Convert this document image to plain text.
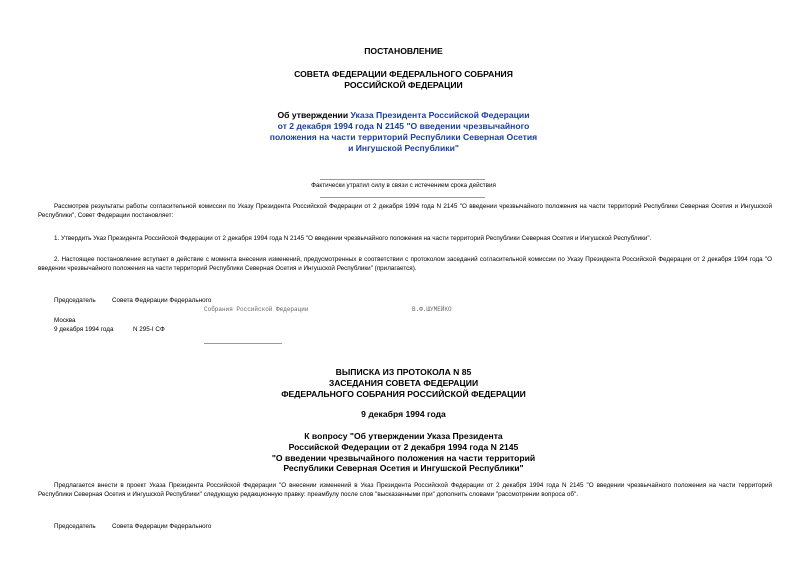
ПОСТАНОВЛЕНИЕ
СОВЕТА ФЕДЕРАЦИИ ФЕДЕРАЛЬНОГО СОБРАНИЯ
РОССИЙСКОЙ ФЕДЕРАЦИИ
Об утверждении Указа Президента Российской Федерации
от 2 декабря 1994 года N 2145 "О введении чрезвычайного
положения на части территорий Республики Северная Осетия
и Ингушской Республики"
Фактически утратил силу в связи с истечением срока действия
Рассмотрев результаты работы согласительной комиссии по Указу Президента Российской Федерации от 2 декабря 1994 года N 2145 "О введении чрезвычайного положения на части территорий Республики Северная Осетия и Ингушской Республики", Совет Федерации постановляет:
1. Утвердить Указ Президента Российской Федерации от 2 декабря 1994 года N 2145 "О введении чрезвычайного положения на части территорий Республики Северная Осетия и Ингушской Республики".
2. Настоящее постановление вступает в действие с момента внесения изменений, предусмотренных в соответствии с протоколом заседаний согласительной комиссии по Указу Президента Российской Федерации от 2 декабря 1994 года "О введении чрезвычайного положения на части территорий Республики Северная Осетия и Ингушской Республики" (прилагается).
Председатель	Совета Федерации Федерального
Собрания Российской Федерации	В.Ф.ШУМЕЙКО
Москва
9 декабря 1994 года	N 295-I СФ
ВЫПИСКА ИЗ ПРОТОКОЛА N 85
ЗАСЕДАНИЯ СОВЕТА ФЕДЕРАЦИИ
ФЕДЕРАЛЬНОГО СОБРАНИЯ РОССИЙСКОЙ ФЕДЕРАЦИИ
9 декабря 1994 года
К вопросу "Об утверждении Указа Президента
Российской Федерации от 2 декабря 1994 года N 2145
"О введении чрезвычайного положения на части территорий
Республики Северная Осетия и Ингушской Республики"
Предлагается внести в проект Указа Президента Российской Федерации "О внесении изменений в Указ Президента Российской Федерации от 2 декабря 1994 года N 2145 "О введении чрезвычайного положения на части территорий Республики Северная Осетия и Ингушской Республики" следующую редакционную правку: преамбулу после слов "высказанными при" дополнить словами "рассмотрении вопроса об".
Председатель	Совета Федерации Федерального
